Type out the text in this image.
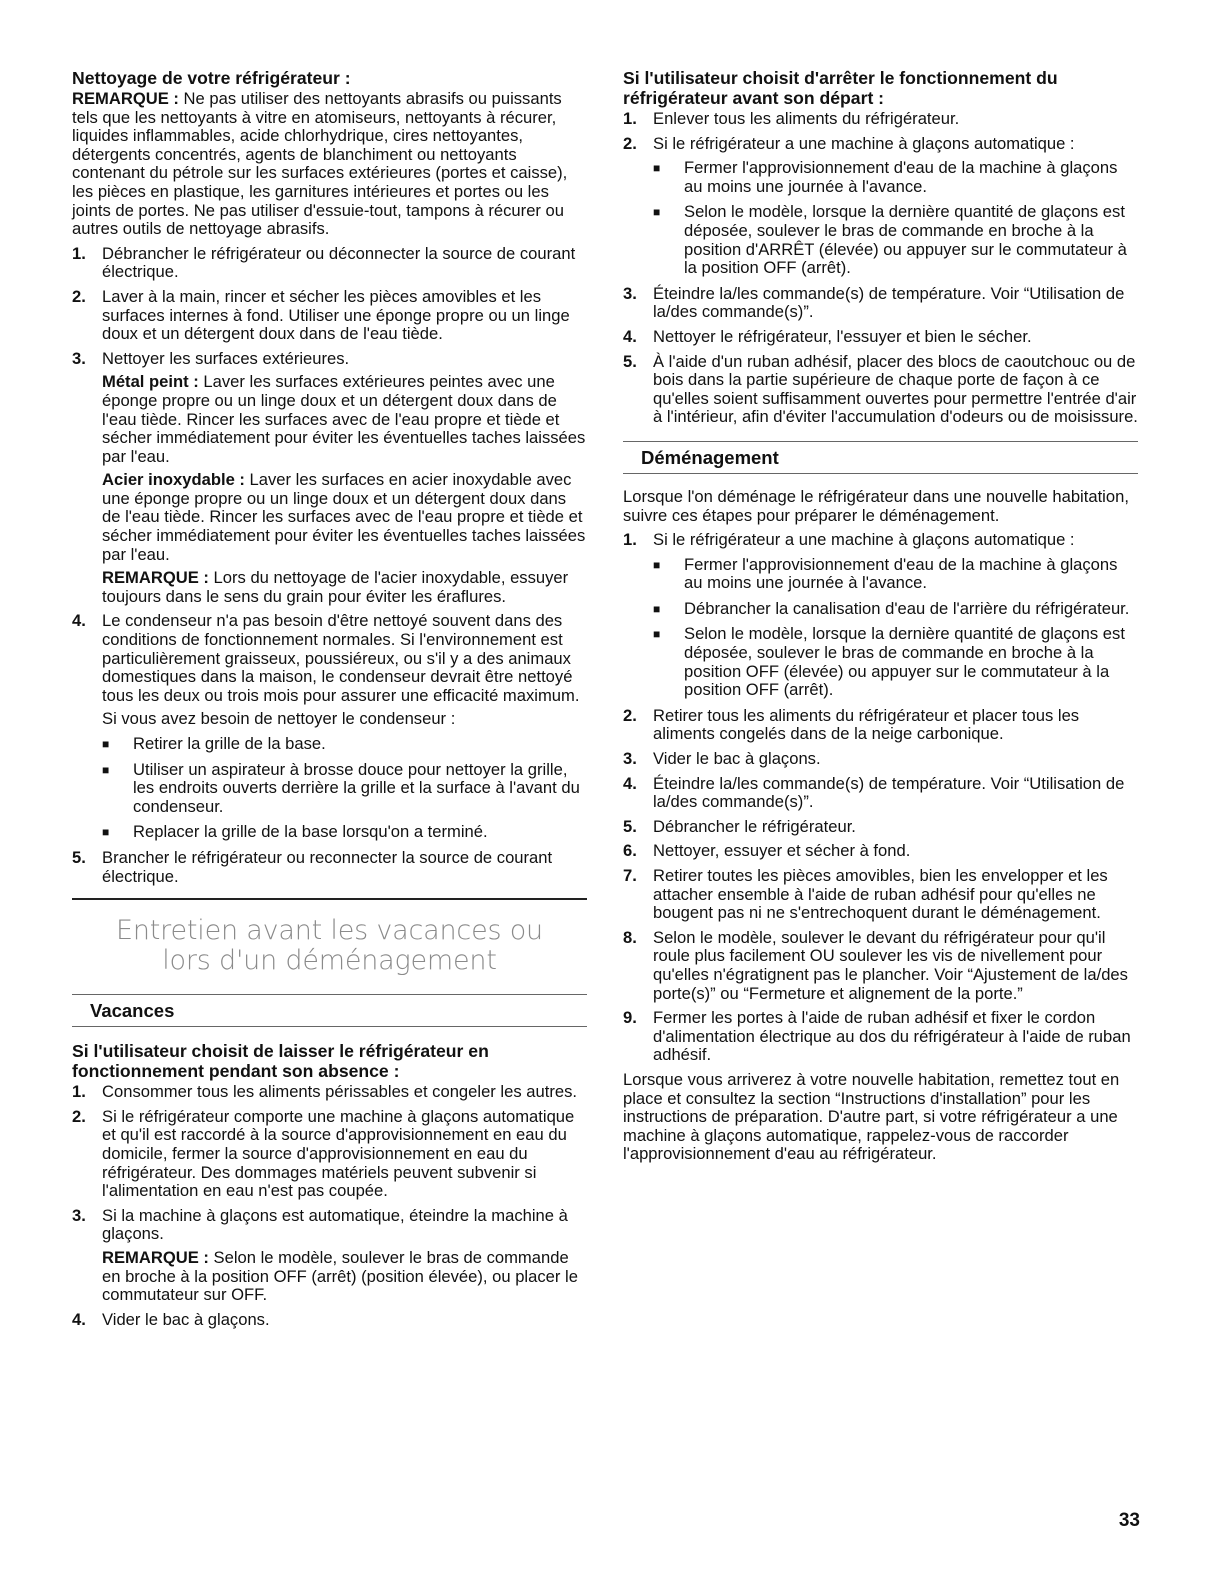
Nettoyage de votre réfrigérateur :

REMARQUE : Ne pas utiliser des nettoyants abrasifs ou puissants tels que les nettoyants à vitre en atomiseurs, nettoyants à récurer, liquides inflammables, acide chlorhydrique, cires nettoyantes, détergents concentrés, agents de blanchiment ou nettoyants contenant du pétrole sur les surfaces extérieures (portes et caisse), les pièces en plastique, les garnitures intérieures et portes ou les joints de portes. Ne pas utiliser d'essuie-tout, tampons à récurer ou autres outils de nettoyage abrasifs.

1. Débrancher le réfrigérateur ou déconnecter la source de courant électrique.
2. Laver à la main, rincer et sécher les pièces amovibles et les surfaces internes à fond. Utiliser une éponge propre ou un linge doux et un détergent doux dans de l'eau tiède.
3. Nettoyer les surfaces extérieures.

Métal peint : Laver les surfaces extérieures peintes avec une éponge propre ou un linge doux et un détergent doux dans de l'eau tiède. Rincer les surfaces avec de l'eau propre et tiède et sécher immédiatement pour éviter les éventuelles taches laissées par l'eau.

Acier inoxydable : Laver les surfaces en acier inoxydable avec une éponge propre ou un linge doux et un détergent doux dans de l'eau tiède. Rincer les surfaces avec de l'eau propre et tiède et sécher immédiatement pour éviter les éventuelles taches laissées par l'eau.

REMARQUE : Lors du nettoyage de l'acier inoxydable, essuyer toujours dans le sens du grain pour éviter les éraflures.

4. Le condenseur n'a pas besoin d'être nettoyé souvent dans des conditions de fonctionnement normales. Si l'environnement est particulièrement graisseux, poussiéreux, ou s'il y a des animaux domestiques dans la maison, le condenseur devrait être nettoyé tous les deux ou trois mois pour assurer une efficacité maximum.

Si vous avez besoin de nettoyer le condenseur :

■ Retirer la grille de la base.
■ Utiliser un aspirateur à brosse douce pour nettoyer la grille, les endroits ouverts derrière la grille et la surface à l'avant du condenseur.
■ Replacer la grille de la base lorsqu'on a terminé.
5. Brancher le réfrigérateur ou reconnecter la source de courant électrique.
Entretien avant les vacances ou
lors d'un déménagement
Vacances
Si l'utilisateur choisit de laisser le réfrigérateur en fonctionnement pendant son absence :
1. Consommer tous les aliments périssables et congeler les autres.
2. Si le réfrigérateur comporte une machine à glaçons automatique et qu'il est raccordé à la source d'approvisionnement en eau du domicile, fermer la source d'approvisionnement en eau du réfrigérateur. Des dommages matériels peuvent subvenir si l'alimentation en eau n'est pas coupée.
3. Si la machine à glaçons est automatique, éteindre la machine à glaçons.

REMARQUE : Selon le modèle, soulever le bras de commande en broche à la position OFF (arrêt) (position élevée), ou placer le commutateur sur OFF.

4. Vider le bac à glaçons.
Si l'utilisateur choisit d'arrêter le fonctionnement du réfrigérateur avant son départ :
1. Enlever tous les aliments du réfrigérateur.
2. Si le réfrigérateur a une machine à glaçons automatique :
■ Fermer l'approvisionnement d'eau de la machine à glaçons au moins une journée à l'avance.
■ Selon le modèle, lorsque la dernière quantité de glaçons est déposée, soulever le bras de commande en broche à la position d'ARRÊT (élevée) ou appuyer sur le commutateur à la position OFF (arrêt).
3. Éteindre la/les commande(s) de température. Voir “Utilisation de la/des commande(s)”.
4. Nettoyer le réfrigérateur, l'essuyer et bien le sécher.
5. À l'aide d'un ruban adhésif, placer des blocs de caoutchouc ou de bois dans la partie supérieure de chaque porte de façon à ce qu'elles soient suffisamment ouvertes pour permettre l'entrée d'air à l'intérieur, afin d'éviter l'accumulation d'odeurs ou de moisissure.
Déménagement

Lorsque l'on déménage le réfrigérateur dans une nouvelle habitation, suivre ces étapes pour préparer le déménagement.

1. Si le réfrigérateur a une machine à glaçons automatique :
■ Fermer l'approvisionnement d'eau de la machine à glaçons au moins une journée à l'avance.
■ Débrancher la canalisation d'eau de l'arrière du réfrigérateur.
■ Selon le modèle, lorsque la dernière quantité de glaçons est déposée, soulever le bras de commande en broche à la position OFF (élevée) ou appuyer sur le commutateur à la position OFF (arrêt).
2. Retirer tous les aliments du réfrigérateur et placer tous les aliments congelés dans de la neige carbonique.
3. Vider le bac à glaçons.
4. Éteindre la/les commande(s) de température. Voir “Utilisation de la/des commande(s)”.
5. Débrancher le réfrigérateur.
6. Nettoyer, essuyer et sécher à fond.
7. Retirer toutes les pièces amovibles, bien les envelopper et les attacher ensemble à l'aide de ruban adhésif pour qu'elles ne bougent pas ni ne s'entrechoquent durant le déménagement.
8. Selon le modèle, soulever le devant du réfrigérateur pour qu'il roule plus facilement OU soulever les vis de nivellement pour qu'elles n'égratignent pas le plancher. Voir “Ajustement de la/des porte(s)” ou “Fermeture et alignement de la porte.”
9. Fermer les portes à l'aide de ruban adhésif et fixer le cordon d'alimentation électrique au dos du réfrigérateur à l'aide de ruban adhésif.

Lorsque vous arriverez à votre nouvelle habitation, remettez tout en place et consultez la section “Instructions d'installation” pour les instructions de préparation. D'autre part, si votre réfrigérateur a une machine à glaçons automatique, rappelez-vous de raccorder l'approvisionnement d'eau au réfrigérateur.

33
